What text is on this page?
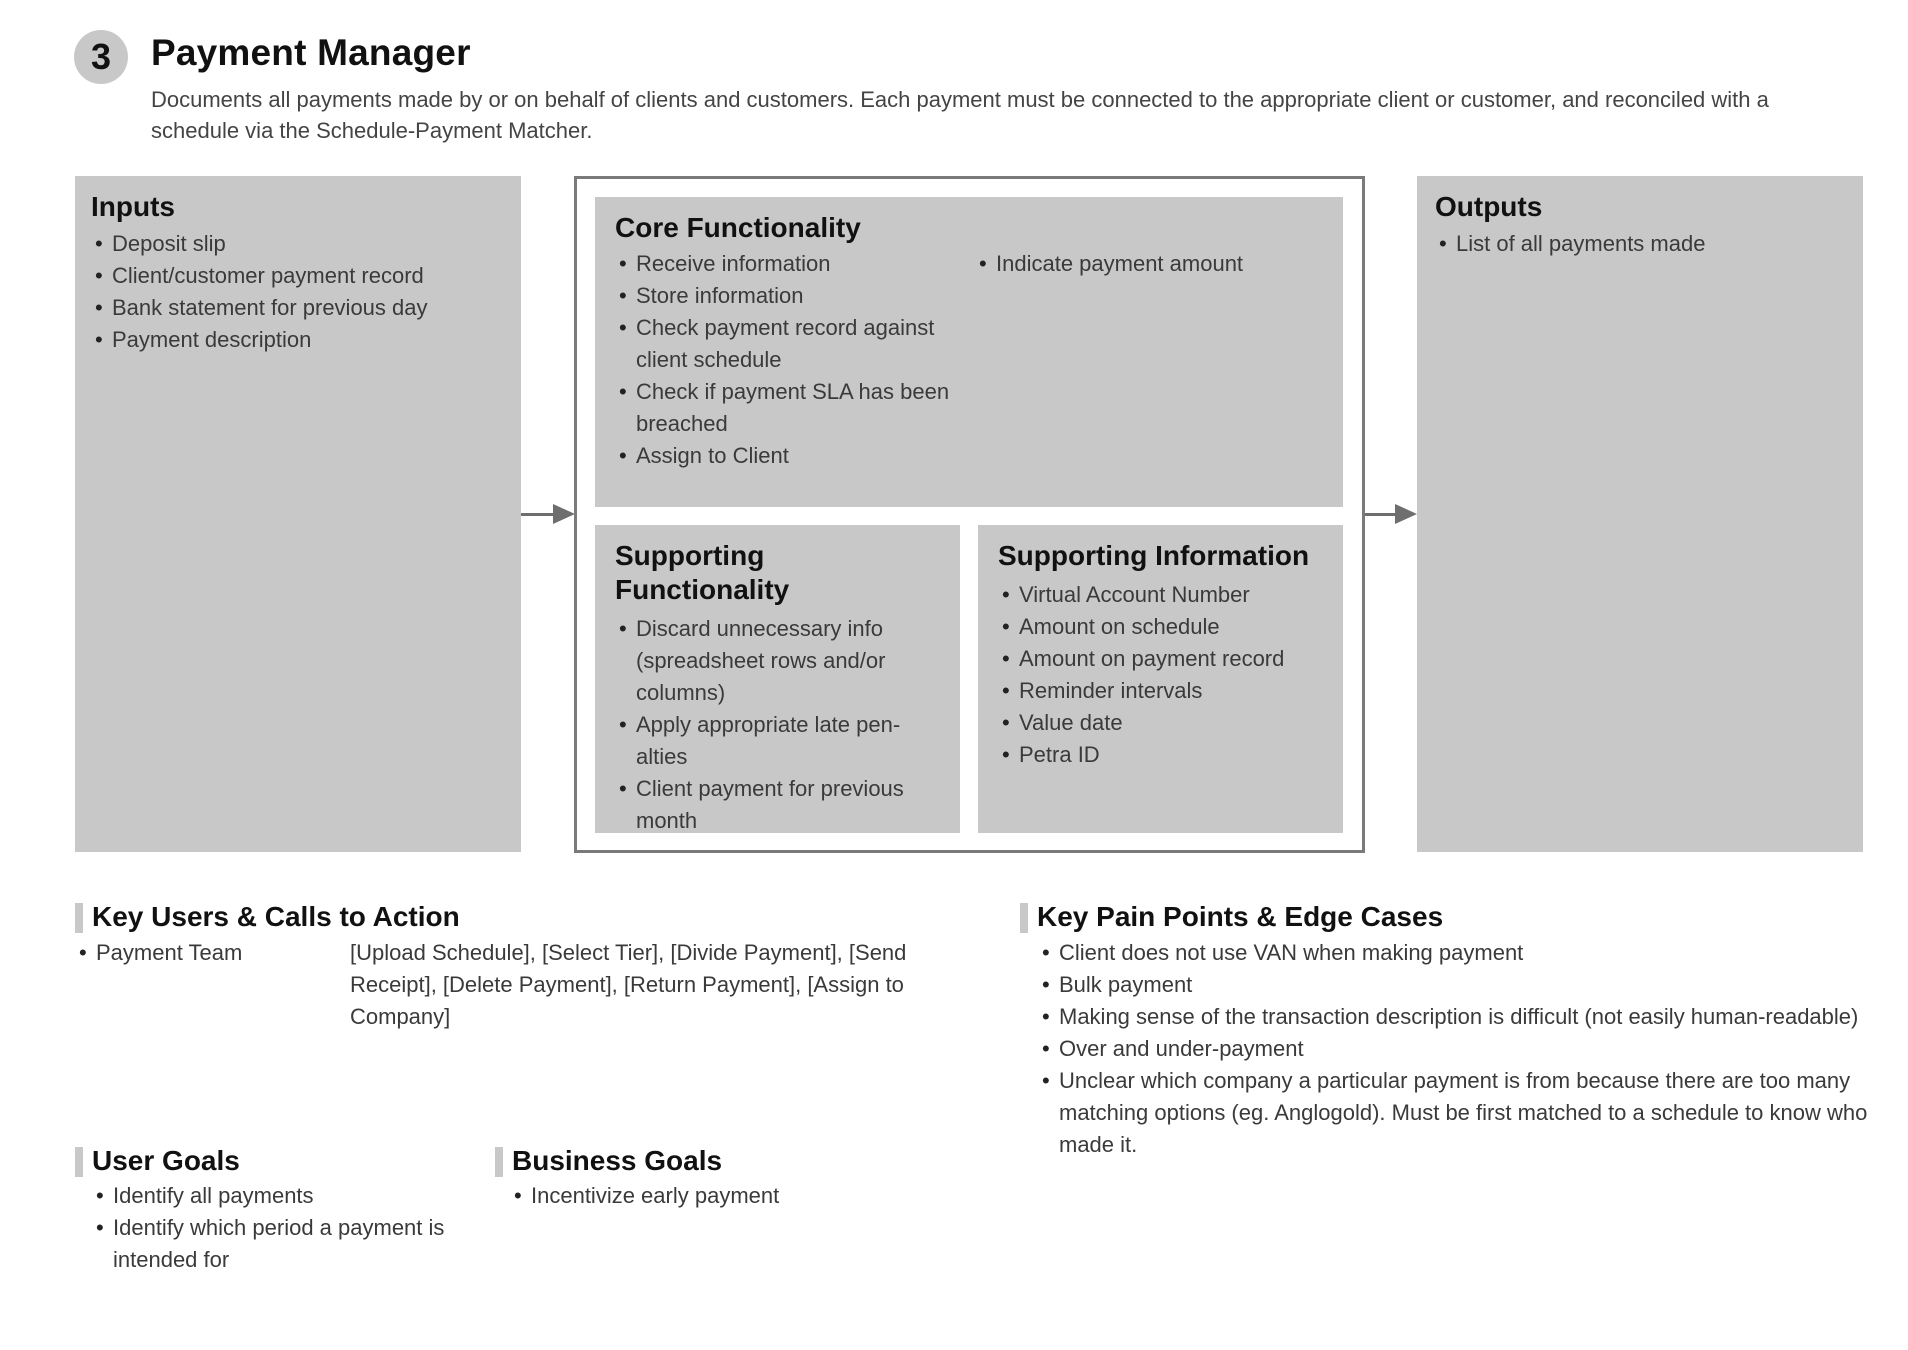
3	Payment Manager
Documents all payments made by or on behalf of clients and customers. Each payment must be connected to the appropriate client or customer, and reconciled with a schedule via the Schedule-Payment Matcher.
Inputs
• Deposit slip
• Client/customer payment record
• Bank statement for previous day
• Payment description
Core Functionality
• Receive information
• Store information
• Check payment record against client schedule
• Check if payment SLA has been breached
• Assign to Client
• Indicate payment amount
Supporting Functionality
• Discard unnecessary info (spreadsheet rows and/or columns)
• Apply appropriate late pen-alties
• Client payment for previous month
Supporting Information
• Virtual Account Number
• Amount on schedule
• Amount on payment record
• Reminder intervals
• Value date
• Petra ID
Outputs
• List of all payments made
Key Users & Calls to Action
• Payment Team	[Upload Schedule], [Select Tier], [Divide Payment], [Send Receipt], [Delete Payment], [Return Payment], [Assign to Company]
Key Pain Points & Edge Cases
• Client does not use VAN when making payment
• Bulk payment
• Making sense of the transaction description is difficult (not easily human-readable)
• Over and under-payment
• Unclear which company a particular payment is from because there are too many matching options (eg. Anglogold). Must be first matched to a schedule to know who made it.
User Goals
• Identify all payments
• Identify which period a payment is intended for
Business Goals
• Incentivize early payment
